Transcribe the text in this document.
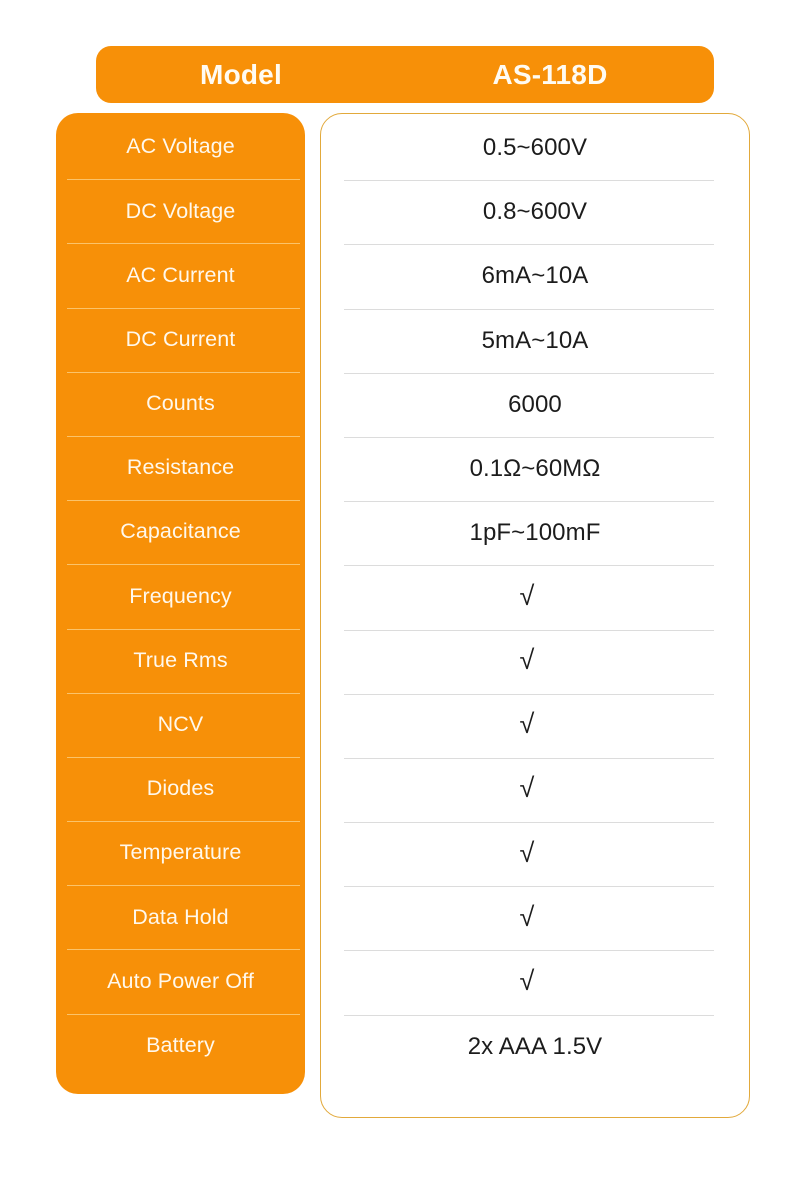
Model	AS-118D
AC Voltage
DC Voltage
AC Current
DC Current
Counts
Resistance
Capacitance
Frequency
True Rms
NCV
Diodes
Temperature
Data Hold
Auto Power Off
Battery
0.5~600V
0.8~600V
6mA~10A
5mA~10A
6000
0.1Ω~60MΩ
1pF~100mF
√
√
√
√
√
√
√
2x AAA 1.5V
